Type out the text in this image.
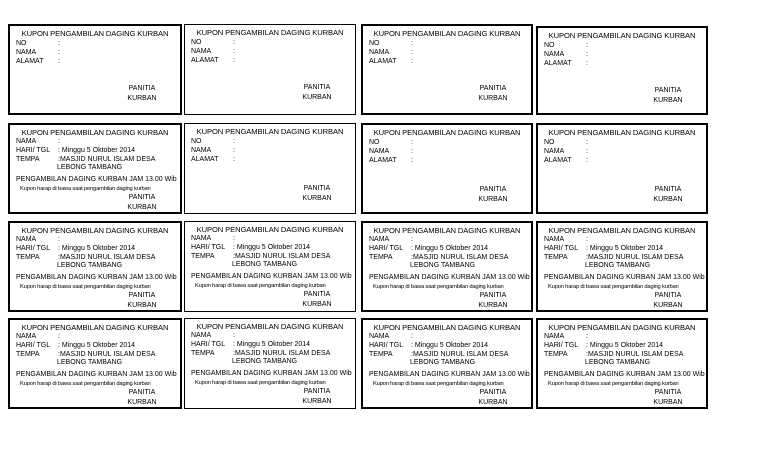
KUPON PENGAMBILAN DAGING KURBAN
NO	:
NAMA	:
ALAMAT :
PANITIA
KURBAN
KUPON PENGAMBILAN DAGING KURBAN
NO	:
NAMA	:
ALAMAT :
PANITIA
KURBAN
KUPON PENGAMBILAN DAGING KURBAN
NO	:
NAMA	:
ALAMAT :
PANITIA
KURBAN
KUPON PENGAMBILAN DAGING KURBAN
NO	:
NAMA	:
ALAMAT :
PANITIA
KURBAN
KUPON PENGAMBILAN DAGING KURBAN
NAMA	:
HARI/ TGL : Minggu 5 Oktober 2014
TEMPA	:MASJID NURUL ISLAM DESA
LEBONG TAMBANG
PENGAMBILAN DAGING KURBAN JAM 13.00 Wib
Kupon harap di bawa saat pengambilan daging kurban
PANITIA
KURBAN
KUPON PENGAMBILAN DAGING KURBAN
NO	:
NAMA	:
ALAMAT :
PANITIA
KURBAN
KUPON PENGAMBILAN DAGING KURBAN
NO	:
NAMA	:
ALAMAT :
PANITIA
KURBAN
KUPON PENGAMBILAN DAGING KURBAN
NO	:
NAMA	:
ALAMAT :
PANITIA
KURBAN
KUPON PENGAMBILAN DAGING KURBAN
NAMA	:
HARI/ TGL : Minggu 5 Oktober 2014
TEMPA	:MASJID NURUL ISLAM DESA
LEBONG TAMBANG
PENGAMBILAN DAGING KURBAN JAM 13.00 Wib
Kupon harap di bawa saat pengambilan daging kurban
PANITIA
KURBAN
KUPON PENGAMBILAN DAGING KURBAN
NAMA	:
HARI/ TGL : Minggu 5 Oktober 2014
TEMPA	:MASJID NURUL ISLAM DESA
LEBONG TAMBANG
PENGAMBILAN DAGING KURBAN JAM 13.00 Wib
Kupon harap di bawa saat pengambilan daging kurban
PANITIA
KURBAN
KUPON PENGAMBILAN DAGING KURBAN
NAMA	:
HARI/ TGL : Minggu 5 Oktober 2014
TEMPA	:MASJID NURUL ISLAM DESA
LEBONG TAMBANG
PENGAMBILAN DAGING KURBAN JAM 13.00 Wib
Kupon harap di bawa saat pengambilan daging kurban
PANITIA
KURBAN
KUPON PENGAMBILAN DAGING KURBAN
NAMA	:
HARI/ TGL : Minggu 5 Oktober 2014
TEMPA	:MASJID NURUL ISLAM DESA
LEBONG TAMBANG
PENGAMBILAN DAGING KURBAN JAM 13.00 Wib
Kupon harap di bawa saat pengambilan daging kurban
PANITIA
KURBAN
KUPON PENGAMBILAN DAGING KURBAN
NAMA	:
HARI/ TGL : Minggu 5 Oktober 2014
TEMPA	:MASJID NURUL ISLAM DESA
LEBONG TAMBANG
PENGAMBILAN DAGING KURBAN JAM 13.00 Wib
Kupon harap di bawa saat pengambilan daging kurban
PANITIA
KURBAN
KUPON PENGAMBILAN DAGING KURBAN
NAMA	:
HARI/ TGL : Minggu 5 Oktober 2014
TEMPA	:MASJID NURUL ISLAM DESA
LEBONG TAMBANG
PENGAMBILAN DAGING KURBAN JAM 13.00 Wib
Kupon harap di bawa saat pengambilan daging kurban
PANITIA
KURBAN
KUPON PENGAMBILAN DAGING KURBAN
NAMA	:
HARI/ TGL : Minggu 5 Oktober 2014
TEMPA	:MASJID NURUL ISLAM DESA
LEBONG TAMBANG
PENGAMBILAN DAGING KURBAN JAM 13.00 Wib
Kupon harap di bawa saat pengambilan daging kurban
PANITIA
KURBAN
KUPON PENGAMBILAN DAGING KURBAN
NAMA	:
HARI/ TGL : Minggu 5 Oktober 2014
TEMPA	:MASJID NURUL ISLAM DESA
LEBONG TAMBANG
PENGAMBILAN DAGING KURBAN JAM 13.00 Wib
Kupon harap di bawa saat pengambilan daging kurban
PANITIA
KURBAN
